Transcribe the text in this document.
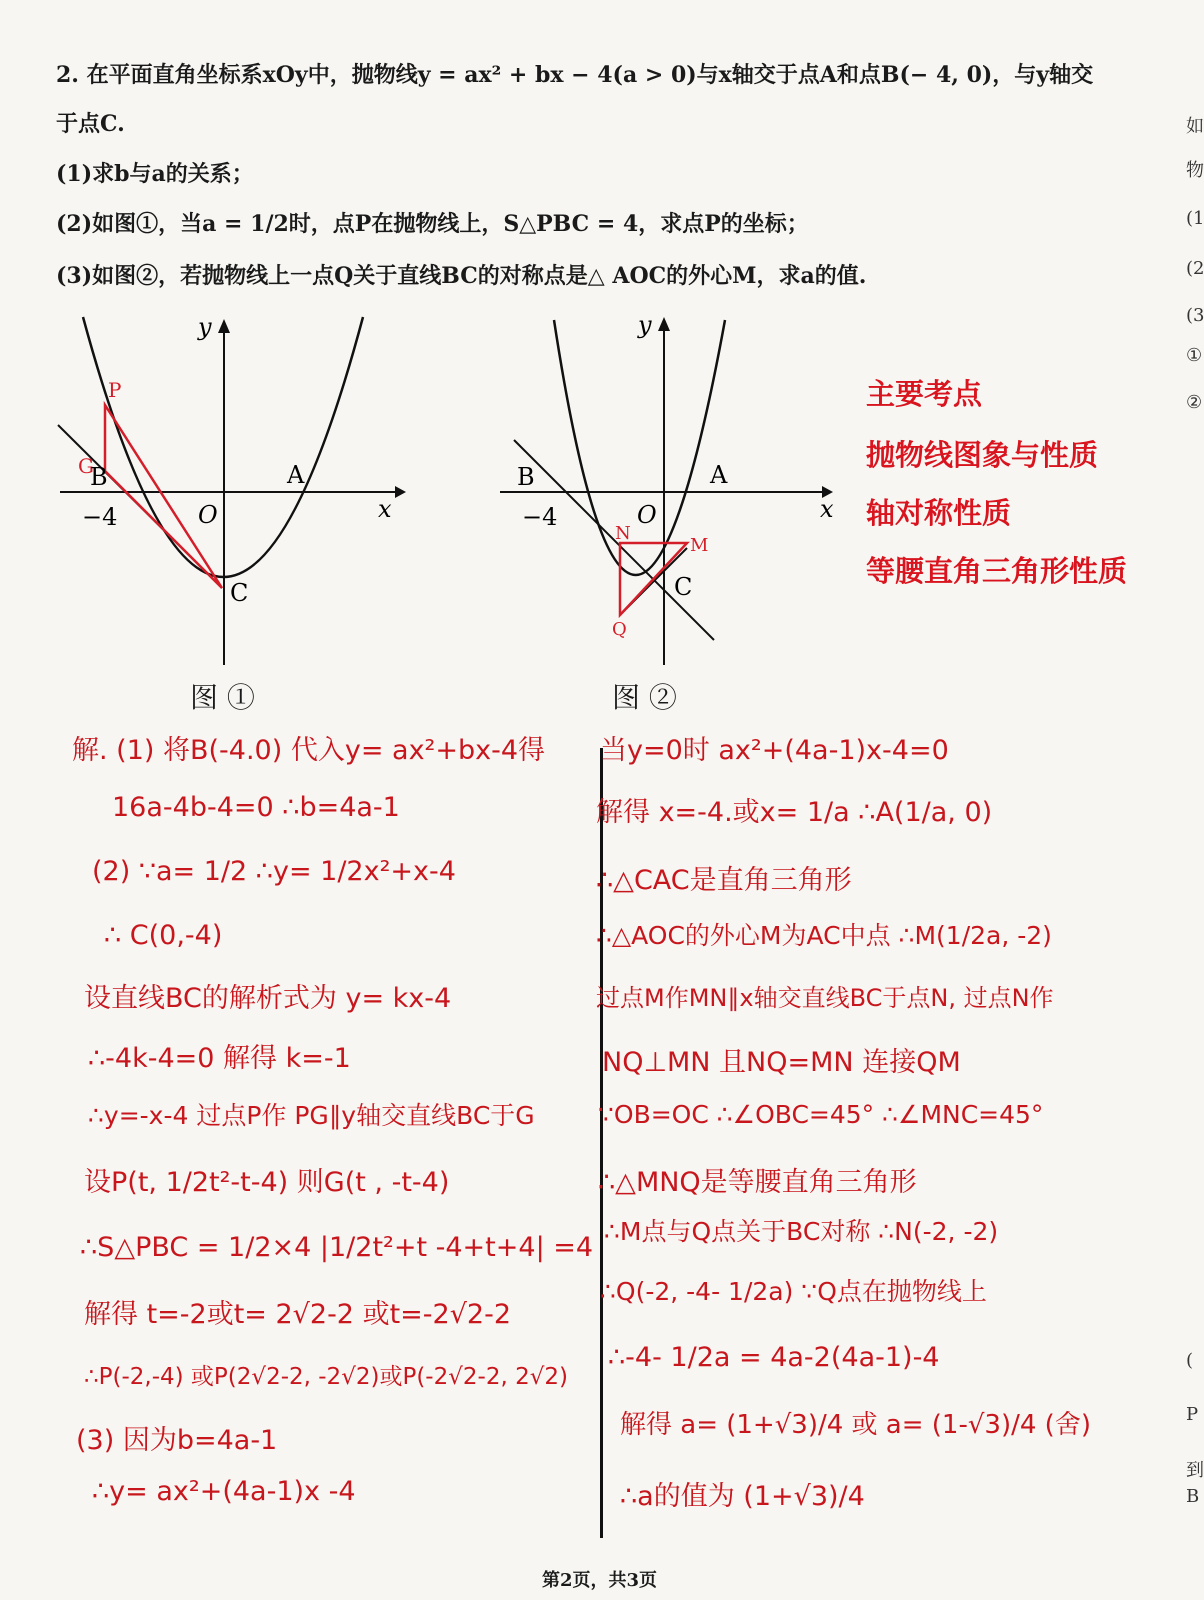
2. 在平面直角坐标系xOy中，抛物线y = ax² + bx − 4(a > 0)与x轴交于点A和点B(− 4, 0)，与y轴交
于点C.
(1)求b与a的关系；
(2)如图①，当a = 1/2时，点P在抛物线上，S△PBC = 4，求点P的坐标；
(3)如图②，若抛物线上一点Q关于直线BC的对称点是△ AOC的外心M，求a的值.
G
P
B	A
−4	O	x
y
C
图 ①
N
M
Q
B	A
−4	O	x
y
C
图 ②
主要考点
抛物线图象与性质
轴对称性质
等腰直角三角形性质
解. (1) 将B(-4.0) 代入y= ax²+bx-4得
16a-4b-4=0 ∴b=4a-1
(2) ∵a= 1/2 ∴y= 1/2x²+x-4
∴ C(0,-4)
设直线BC的解析式为 y= kx-4
∴-4k-4=0 解得 k=-1
∴y=-x-4 过点P作 PG∥y轴交直线BC于G
设P(t, 1/2t²-t-4) 则G(t , -t-4)
∴S△PBC = 1/2×4 |1/2t²+t -4+t+4| =4
解得 t=-2或t= 2√2-2 或t=-2√2-2
∴P(-2,-4) 或P(2√2-2, -2√2)或P(-2√2-2, 2√2)
(3) 因为b=4a-1
∴y= ax²+(4a-1)x -4
当y=0时 ax²+(4a-1)x-4=0
解得 x=-4.或x= 1/a ∴A(1/a, 0)
∴△CAC是直角三角形
∴△AOC的外心M为AC中点 ∴M(1/2a, -2)
过点M作MN∥x轴交直线BC于点N, 过点N作
NQ⊥MN 且NQ=MN 连接QM
∵OB=OC ∴∠OBC=45° ∴∠MNC=45°
∴△MNQ是等腰直角三角形
∴M点与Q点关于BC对称 ∴N(-2, -2)
∴Q(-2, -4- 1/2a) ∵Q点在抛物线上
∴-4- 1/2a = 4a-2(4a-1)-4
解得 a= (1+√3)/4 或 a= (1-√3)/4 (舍)
∴a的值为 (1+√3)/4
第2页，共3页
如
物
(1
(2
(3
①
②
(
P
到
B
